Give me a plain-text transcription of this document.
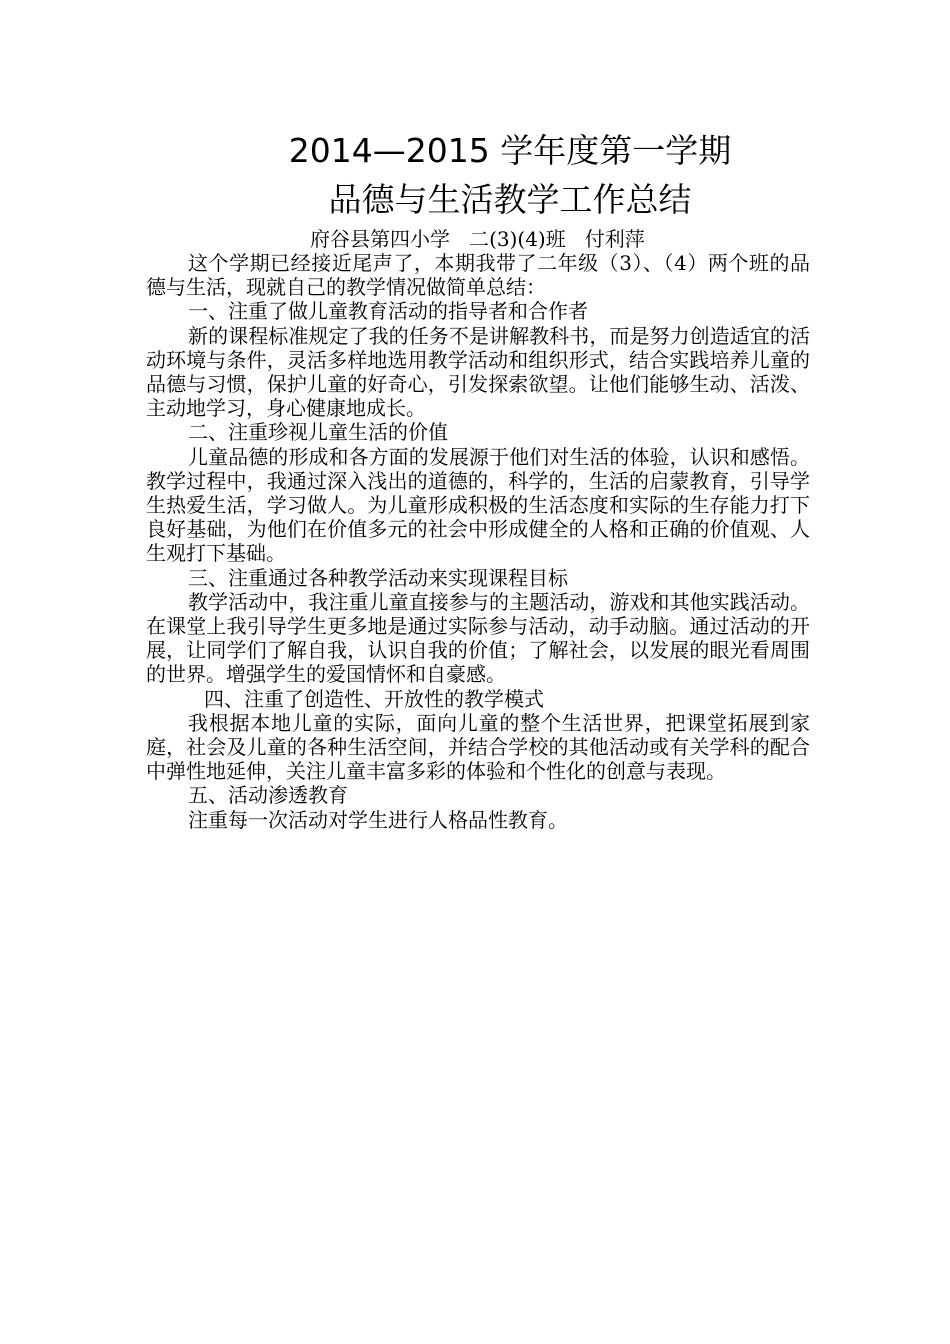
2014—2015 学年度第一学期
品德与生活教学工作总结
府谷县第四小学   二(3)(4)班   付利萍

这个学期已经接近尾声了，本期我带了二年级（3）、（4）两个班的品德与生活，现就自己的教学情况做简单总结：

一、注重了做儿童教育活动的指导者和合作者

新的课程标准规定了我的任务不是讲解教科书，而是努力创造适宜的活动环境与条件，灵活多样地选用教学活动和组织形式，结合实践培养儿童的品德与习惯，保护儿童的好奇心，引发探索欲望。让他们能够生动、活泼、主动地学习，身心健康地成长。

二、注重珍视儿童生活的价值

儿童品德的形成和各方面的发展源于他们对生活的体验，认识和感悟。教学过程中，我通过深入浅出的道德的，科学的，生活的启蒙教育，引导学生热爱生活，学习做人。为儿童形成积极的生活态度和实际的生存能力打下良好基础，为他们在价值多元的社会中形成健全的人格和正确的价值观、人生观打下基础。

三、注重通过各种教学活动来实现课程目标

教学活动中，我注重儿童直接参与的主题活动，游戏和其他实践活动。在课堂上我引导学生更多地是通过实际参与活动，动手动脑。通过活动的开展，让同学们了解自我，认识自我的价值；了解社会，以发展的眼光看周围的世界。增强学生的爱国情怀和自豪感。

四、注重了创造性、开放性的教学模式

我根据本地儿童的实际，面向儿童的整个生活世界，把课堂拓展到家庭，社会及儿童的各种生活空间，并结合学校的其他活动或有关学科的配合中弹性地延伸，关注儿童丰富多彩的体验和个性化的创意与表现。

五、活动渗透教育

注重每一次活动对学生进行人格品性教育。
